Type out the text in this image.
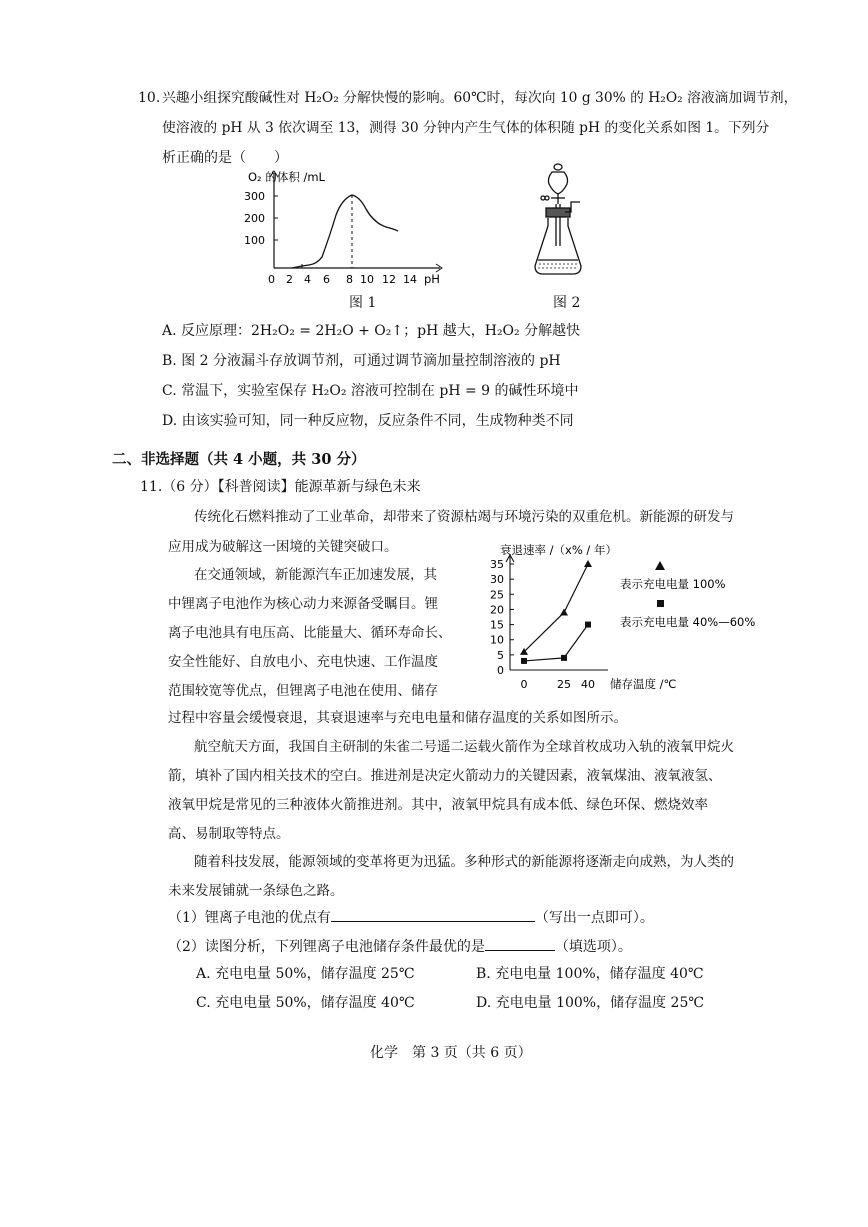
10. 兴趣小组探究酸碱性对 H₂O₂ 分解快慢的影响。60℃时，每次向 10 g 30% 的 H₂O₂ 溶液滴加调节剂，
使溶液的 pH 从 3 依次调至 13，测得 30 分钟内产生气体的体积随 pH 的变化关系如图 1。下列分
析正确的是（　　）
100
200
300
O₂ 的体积 /mL
0 2 4 6 8 10 12 14 pH
图 1	图 2
A. 反应原理：2H₂O₂ = 2H₂O + O₂↑；pH 越大，H₂O₂ 分解越快
B. 图 2 分液漏斗存放调节剂，可通过调节滴加量控制溶液的 pH
C. 常温下，实验室保存 H₂O₂ 溶液可控制在 pH = 9 的碱性环境中
D. 由该实验可知，同一种反应物，反应条件不同，生成物种类不同
二、非选择题（共 4 小题，共 30 分）
11.（6 分）【科普阅读】能源革新与绿色未来
传统化石燃料推动了工业革命，却带来了资源枯竭与环境污染的双重危机。新能源的研发与
应用成为破解这一困境的关键突破口。
在交通领域，新能源汽车正加速发展，其
中锂离子电池作为核心动力来源备受瞩目。锂
离子电池具有电压高、比能量大、循环寿命长、
安全性能好、自放电小、充电快速、工作温度
范围较宽等优点，但锂离子电池在使用、储存
过程中容量会缓慢衰退，其衰退速率与充电电量和储存温度的关系如图所示。
衰退速率 /（x% / 年）
0
5
10
15
20
25
30
35
0	25 40 储存温度 /℃
表示充电电量 100%
表示充电电量 40%—60%
航空航天方面，我国自主研制的朱雀二号遥二运载火箭作为全球首枚成功入轨的液氧甲烷火
箭，填补了国内相关技术的空白。推进剂是决定火箭动力的关键因素，液氧煤油、液氧液氢、
液氧甲烷是常见的三种液体火箭推进剂。其中，液氧甲烷具有成本低、绿色环保、燃烧效率
高、易制取等特点。
随着科技发展，能源领域的变革将更为迅猛。多种形式的新能源将逐渐走向成熟，为人类的
未来发展铺就一条绿色之路。
（1）锂离子电池的优点有	（写出一点即可）。
（2）读图分析，下列锂离子电池储存条件最优的是	（填选项）。
A. 充电电量 50%，储存温度 25℃	B. 充电电量 100%，储存温度 40℃
C. 充电电量 50%，储存温度 40℃	D. 充电电量 100%，储存温度 25℃
化学　第 3 页（共 6 页）
